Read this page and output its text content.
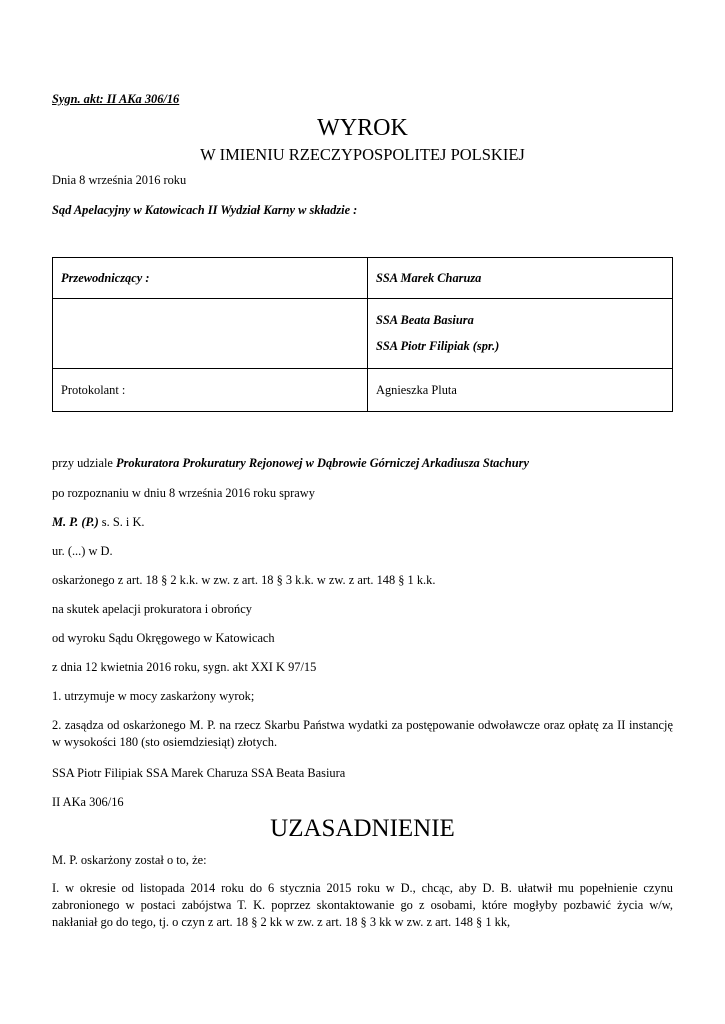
Sygn. akt: II AKa 306/16
WYROK
W IMIENIU RZECZYPOSPOLITEJ POLSKIEJ
Dnia 8 września 2016 roku
Sąd Apelacyjny w Katowicach II Wydział Karny w składzie :
Przewodniczący :	SSA Marek Charuza

	SSA Beata Basiura
SSA Piotr Filipiak (spr.)

Protokolant :	Agnieszka Pluta
przy udziale Prokuratora Prokuratury Rejonowej w Dąbrowie Górniczej Arkadiusza Stachury
po rozpoznaniu w dniu 8 września 2016 roku sprawy
M. P. (P.) s. S. i K.
ur. (...) w D.
oskarżonego z art. 18 § 2 k.k. w zw. z art. 18 § 3 k.k. w zw. z art. 148 § 1 k.k.
na skutek apelacji prokuratora i obrońcy
od wyroku Sądu Okręgowego w Katowicach
z dnia 12 kwietnia 2016 roku, sygn. akt XXI K 97/15
1. utrzymuje w mocy zaskarżony wyrok;
2. zasądza od oskarżonego M. P. na rzecz Skarbu Państwa wydatki za postępowanie odwoławcze oraz opłatę za II instancję w wysokości 180 (sto osiemdziesiąt) złotych.
SSA Piotr Filipiak SSA Marek Charuza SSA Beata Basiura
II AKa 306/16
UZASADNIENIE
M. P. oskarżony został o to, że:
I. w okresie od listopada 2014 roku do 6 stycznia 2015 roku w D., chcąc, aby D. B. ułatwił mu popełnienie czynu zabronionego w postaci zabójstwa T. K. poprzez skontaktowanie go z osobami, które mogłyby pozbawić życia w/w, nakłaniał go do tego, tj. o czyn z art. 18 § 2 kk w zw. z art. 18 § 3 kk w zw. z art. 148 § 1 kk,
